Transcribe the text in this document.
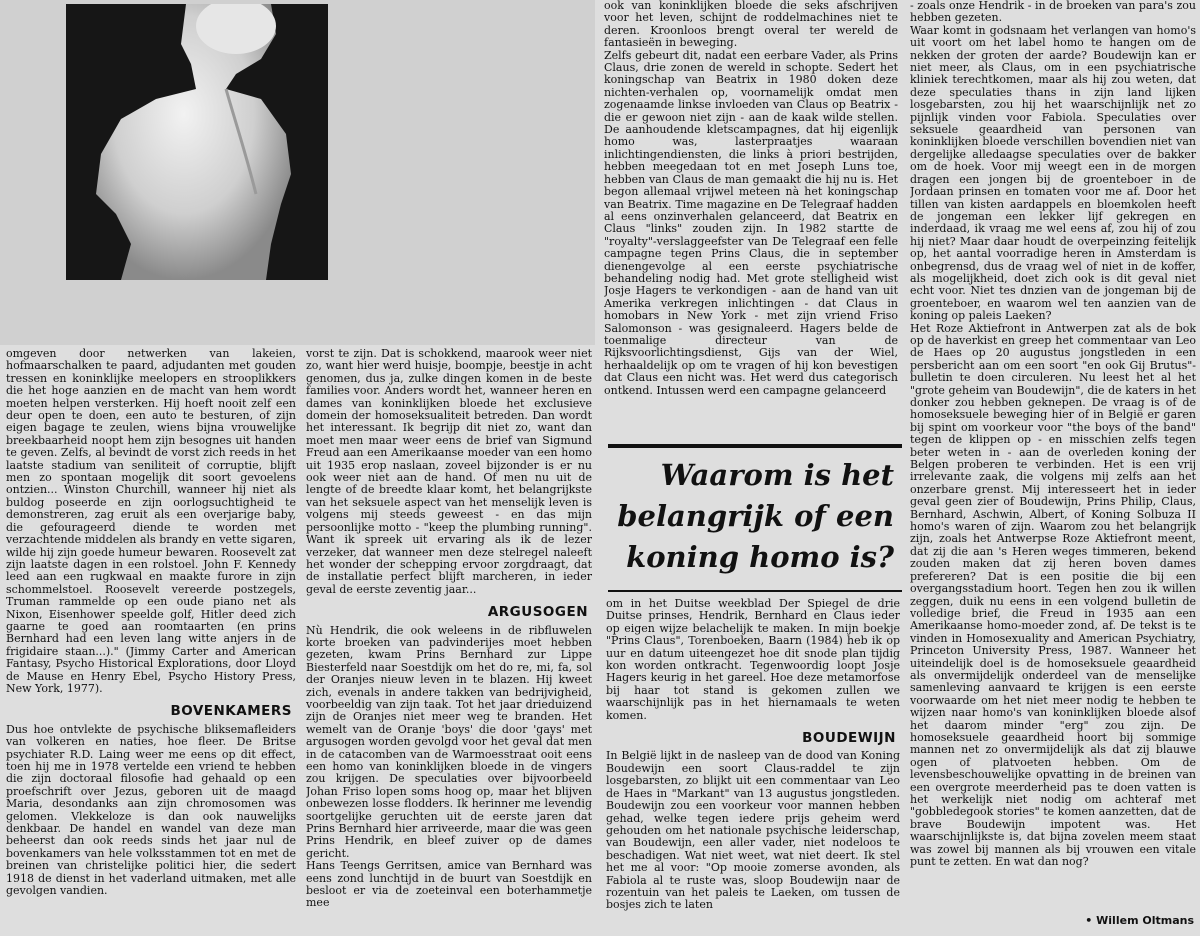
ook van koninklijken bloede die seks afschrijven voor het leven, schijnt de roddelmachines niet te deren. Kroonloos brengt overal ter wereld de fantasieën in beweging.

Zelfs gebeurt dit, nadat een eerbare Vader, als Prins Claus, drie zonen de wereld in schopte. Sedert het koningschap van Beatrix in 1980 doken deze nichten-verhalen op, voornamelijk omdat men zogenaamde linkse invloeden van Claus op Beatrix - die er gewoon niet zijn - aan de kaak wilde stellen. De aanhoudende kletscampagnes, dat hij eigenlijk homo was, lasterpraatjes waaraan inlichtingendiensten, die links à priori bestrijden, hebben meegedaan tot en met Joseph Luns toe, hebben van Claus de man gemaakt die hij nu is. Het begon allemaal vrijwel meteen nà het koningschap van Beatrix. Time magazine en De Telegraaf hadden al eens onzinverhalen gelanceerd, dat Beatrix en Claus "links" zouden zijn. In 1982 startte de "royalty"-verslaggeefster van De Telegraaf een felle campagne tegen Prins Claus, die in september dienengevolge al een eerste psychiatrische behandeling nodig had. Met grote stelligheid wist Josje Hagers te verkondigen - aan de hand van uit Amerika verkregen inlichtingen - dat Claus in homobars in New York - met zijn vriend Friso Salomonson - was gesignaleerd. Hagers belde de toenmalige directeur van de Rijksvoorlichtingsdienst, Gijs van der Wiel, herhaaldelijk op om te vragen of hij kon bevestigen dat Claus een nicht was. Het werd dus categorisch ontkend. Intussen werd een campagne gelanceerd

- zoals onze Hendrik - in de broeken van para's zou hebben gezeten.

Waar komt in godsnaam het verlangen van homo's uit voort om het label homo te hangen om de nekken der groten der aarde? Boudewijn kan er niet meer, als Claus, om in een psychiatrische kliniek terechtkomen, maar als hij zou weten, dat deze speculaties thans in zijn land lijken losgebarsten, zou hij het waarschijnlijk net zo pijnlijk vinden voor Fabiola. Speculaties over seksuele geaardheid van personen van koninklijken bloede verschillen bovendien niet van dergelijke alledaagse speculaties over de bakker om de hoek. Voor mij weegt een in de morgen dragen een jongen bij de groenteboer in de Jordaan prinsen en tomaten voor me af. Door het tillen van kisten aardappels en bloemkolen heeft de jongeman een lekker lijf gekregen en inderdaad, ik vraag me wel eens af, zou hij of zou hij niet? Maar daar houdt de overpeinzing feitelijk op, het aantal voorradige heren in Amsterdam is onbegrensd, dus de vraag wel of niet in de koffer, als mogelijkheid, doet zich ook is dit geval niet echt voor. Niet tes dnzien van de jongeman bij de groenteboer, en waarom wel ten aanzien van de koning op paleis Laeken?

Het Roze Aktiefront in Antwerpen zat als de bok op de haverkist en greep het commentaar van Leo de Haes op 20 augustus jongstleden in een persbericht aan om een soort "en ook Gij Brutus"-bulletin te doen circuleren. Nu leest het al het "grote geheim van Boudewijn", die de katers in het donker zou hebben geknepen. De vraag is of de homoseksuele beweging hier of in België er garen bij spint om voorkeur voor "the boys of the band" tegen de klippen op - en misschien zelfs tegen beter weten in - aan de overleden koning der Belgen proberen te verbinden. Het is een vrij irrelevante zaak, die volgens mij zelfs aan het onzerbare grenst. Mij interesseert het in ieder geval geen zier of Boudewijn, Prins Philip, Claus, Bernhard, Aschwin, Albert, of Koning Solbuza II homo's waren of zijn. Waarom zou het belangrijk zijn, zoals het Antwerpse Roze Aktiefront meent, dat zij die aan 's Heren weges timmeren, bekend zouden maken dat zij heren boven dames prefereren? Dat is een positie die bij een overgangsstadium hoort. Tegen hen zou ik willen zeggen, duik nu eens in een volgend bulletin de volledige brief, die Freud in 1935 aan een Amerikaanse homo-moeder zond, af. De tekst is te vinden in Homosexuality and American Psychiatry, Princeton University Press, 1987. Wanneer het uiteindelijk doel is de homoseksuele geaardheid als onvermijdelijk onderdeel van de menselijke samenleving aanvaard te krijgen is een eerste voorwaarde om het niet meer nodig te hebben te wijzen naar homo's van koninklijken bloede alsof het daarom minder "erg" zou zijn. De homoseksuele geaardheid hoort bij sommige mannen net zo onvermijdelijk als dat zij blauwe ogen of platvoeten hebben. Om de levensbeschouwelijke opvatting in de breinen van een overgrote meerderheid pas te doen vatten is het werkelijk niet nodig om achteraf met "gobbledegook stories" te komen aanzetten, dat de brave Boudewijn impotent was. Het waarschijnlijkste is, dat bijna zovelen meem staat was zowel bij mannen als bij vrouwen een vitale punt te zetten. En wat dan nog?

omgeven door netwerken van lakeien, hofmaarschalken te paard, adjudanten met gouden tressen en koninklijke meelopers en strooplikkers die het hoge aanzien en de macht van hem wordt moeten helpen versterken. Hij hoeft nooit zelf een deur open te doen, een auto te besturen, of zijn eigen bagage te zeulen, wiens bijna vrouwelijke breekbaarheid noopt hem zijn besognes uit handen te geven. Zelfs, al bevindt de vorst zich reeds in het laatste stadium van seniliteit of corruptie, blijft men zo spontaan mogelijk dit soort gevoelens ontzien... Winston Churchill, wanneer hij niet als buldog poseerde en zijn oorlogsuchtigheid te demonstreren, zag eruit als een overjarige baby, die gefourageerd diende te worden met verzachtende middelen als brandy en vette sigaren, wilde hij zijn goede humeur bewaren. Roosevelt zat zijn laatste dagen in een rolstoel. John F. Kennedy leed aan een rugkwaal en maakte furore in zijn schommelstoel. Roosevelt vereerde postzegels, Truman rammelde op een oude piano net als Nixon, Eisenhower speelde golf, Hitler deed zich gaarne te goed aan roomtaarten (en prins Bernhard had een leven lang witte anjers in de frigidaire staan...)." (Jimmy Carter and American Fantasy, Psycho Historical Explorations, door Lloyd de Mause en Henry Ebel, Psycho History Press, New York, 1977).

BOVENKAMERS

Dus hoe ontvlekte de psychische bliksemafleiders van volkeren en naties, hoe fleer. De Britse psychiater R.D. Laing weer me eens op dit effect, toen hij me in 1978 vertelde een vriend te hebben die zijn doctoraal filosofie had gehaald op een proefschrift over Jezus, geboren uit de maagd Maria, desondanks aan zijn chromosomen was gelomen. Vlekkeloze is dan ook nauwelijks denkbaar. De handel en wandel van deze man beheerst dan ook reeds sinds het jaar nul de bovenkamers van hele volksstammen tot en met de breinen van christelijke politici hier, die sedert 1918 de dienst in het vaderland uitmaken, met alle gevolgen vandien.

vorst te zijn. Dat is schokkend, maarook weer niet zo, want hier werd huisje, boompje, beestje in acht genomen, dus ja, zulke dingen komen in de beste families voor. Anders wordt het, wanneer heren en dames van koninklijken bloede het exclusieve domein der homoseksualiteit betreden. Dan wordt het interessant. Ik begrijp dit niet zo, want dan moet men maar weer eens de brief van Sigmund Freud aan een Amerikaanse moeder van een homo uit 1935 erop naslaan, zoveel bijzonder is er nu ook weer niet aan de hand. Of men nu uit de lengte of de breedte klaar komt, het belangrijkste van het seksuele aspect van het menselijk leven is volgens mij steeds geweest - en das mijn persoonlijke motto - "keep the plumbing running". Want ik spreek uit ervaring als ik de lezer verzeker, dat wanneer men deze stelregel naleeft het wonder der schepping ervoor zorgdraagt, dat de installatie perfect blijft marcheren, in ieder geval de eerste zeventig jaar...

ARGUSOGEN

Nù Hendrik, die ook weleens in de ribfluwelen korte broeken van padvinderijes moet hebben gezeten, kwam Prins Bernhard zur Lippe Biesterfeld naar Soestdijk om het do re, mi, fa, sol der Oranjes nieuw leven in te blazen. Hij kweet zich, evenals in andere takken van bedrijvigheid, voorbeeldig van zijn taak. Tot het jaar drieduizend zijn de Oranjes niet meer weg te branden. Het wemelt van de Oranje 'boys' die door 'gays' met argusogen worden gevolgd voor het geval dat men in de catacomben van de Warmoesstraat ooit eens een homo van koninklijken bloede in de vingers zou krijgen. De speculaties over bijvoorbeeld Johan Friso lopen soms hoog op, maar het blijven onbewezen losse flodders. Ik herinner me levendig soortgelijke geruchten uit de eerste jaren dat Prins Bernhard hier arriveerde, maar die was geen Prins Hendrik, en bleef zuiver op de dames gericht.

Hans Teengs Gerritsen, amice van Bernhard was eens zond lunchtijd in de buurt van Soestdijk en besloot er via de zoeteinval een boterhammetje mee

Waarom is het
belangrijk of een
koning homo is?

om in het Duitse weekblad Der Spiegel de drie Duitse prinses, Hendrik, Bernhard en Claus ieder op eigen wijze belachelijk te maken. In mijn boekje "Prins Claus", Torenboeken, Baarn (1984) heb ik op uur en datum uiteengezet hoe dit snode plan tijdig kon worden ontkracht. Tegenwoordig loopt Josje Hagers keurig in het gareel. Hoe deze metamorfose bij haar tot stand is gekomen zullen we waarschijnlijk pas in het hiernamaals te weten komen.

BOUDEWIJN

In België lijkt in de nasleep van de dood van Koning Boudewijn een soort Claus-raddel te zijn losgebarsten, zo blijkt uit een commentaar van Leo de Haes in "Markant" van 13 augustus jongstleden. Boudewijn zou een voorkeur voor mannen hebben gehad, welke tegen iedere prijs geheim werd gehouden om het nationale psychische leiderschap, van Boudewijn, een aller vader, niet nodeloos te beschadigen. Wat niet weet, wat niet deert. Ik stel het me al voor: "Op mooie zomerse avonden, als Fabiola al te ruste was, sloop Boudewijn naar de rozentuin van het paleis te Laeken, om tussen de bosjes zich te laten

• Willem Oltmans
